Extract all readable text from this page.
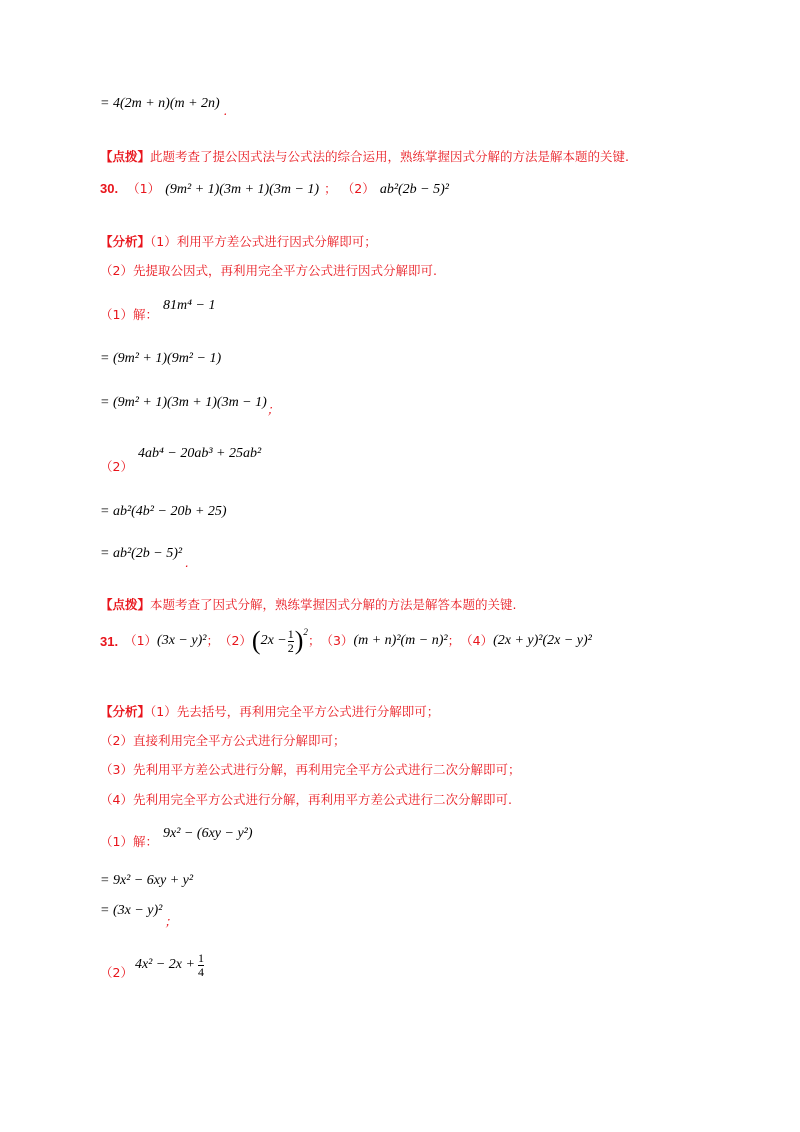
= 4(2m + n)(m + 2n) .
【点拨】此题考查了提公因式法与公式法的综合运用，熟练掌握因式分解的方法是解本题的关键.
30. （1） (9m² + 1)(3m + 1)(3m − 1) ； （2） ab²(2b − 5)²
【分析】（1）利用平方差公式进行因式分解即可；
（2）先提取公因式，再利用完全平方公式进行因式分解即可.
$_{(1)解:}$ 81m⁴ − 1
= (9m² + 1)(9m² − 1)
= (9m² + 1)(3m + 1)(3m − 1)；
$_{(2)}$ 4ab⁴ − 20ab³ + 25ab²
= ab²(4b² − 20b + 25)
= ab²(2b − 5)².
【点拨】本题考查了因式分解，熟练掌握因式分解的方法是解答本题的关键.
31. （1） (3x − y)² ； （2） ( $2x - \frac{1}{2} )^2$
； （3） (m + n)²(m − n)² ； （4） (2x + y)²(2x − y)²
【分析】（1）先去括号，再利用完全平方公式进行分解即可；
（2）直接利用完全平方公式进行分解即可；
（3）先利用平方差公式进行分解，再利用完全平方公式进行二次分解即可；
（4）先利用完全平方公式进行分解，再利用平方差公式进行二次分解即可.
$_{(1)解:}$ 9x² − (6xy − y²)
= 9x² − 6xy + y²
= (3x − y)²；
（2）
$4x^2 - 2x + \frac{1}{4}$
